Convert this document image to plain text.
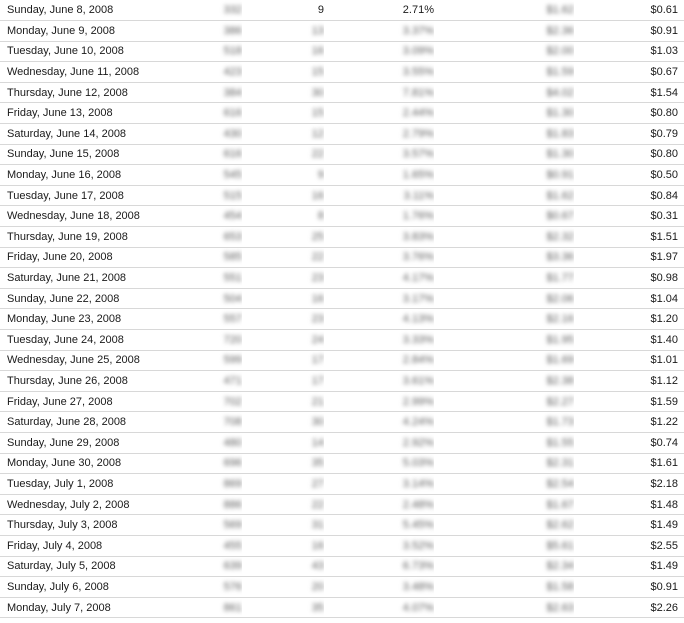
Sunday, June 8, 2008	332	9	2.71%	$1.62	$0.61
Monday, June 9, 2008	386	13	3.37%	$2.36	$0.91
Tuesday, June 10, 2008	518	16	3.09%	$2.00	$1.03
Wednesday, June 11, 2008	423	15	3.55%	$1.59	$0.67
Thursday, June 12, 2008	384	30	7.81%	$4.02	$1.54
Friday, June 13, 2008	616	15	2.44%	$1.30	$0.80
Saturday, June 14, 2008	430	12	2.79%	$1.83	$0.79
Sunday, June 15, 2008	616	22	3.57%	$1.30	$0.80
Monday, June 16, 2008	545	9	1.65%	$0.91	$0.50
Tuesday, June 17, 2008	515	16	3.11%	$1.62	$0.84
Wednesday, June 18, 2008	454	8	1.76%	$0.67	$0.31
Thursday, June 19, 2008	653	25	3.83%	$2.32	$1.51
Friday, June 20, 2008	585	22	3.76%	$3.36	$1.97
Saturday, June 21, 2008	551	23	4.17%	$1.77	$0.98
Sunday, June 22, 2008	504	16	3.17%	$2.06	$1.04
Monday, June 23, 2008	557	23	4.13%	$2.16	$1.20
Tuesday, June 24, 2008	720	24	3.33%	$1.95	$1.40
Wednesday, June 25, 2008	599	17	2.84%	$1.69	$1.01
Thursday, June 26, 2008	471	17	3.61%	$2.38	$1.12
Friday, June 27, 2008	702	21	2.99%	$2.27	$1.59
Saturday, June 28, 2008	708	30	4.24%	$1.73	$1.22
Sunday, June 29, 2008	480	14	2.92%	$1.55	$0.74
Monday, June 30, 2008	696	35	5.03%	$2.31	$1.61
Tuesday, July 1, 2008	869	27	3.14%	$2.54	$2.18
Wednesday, July 2, 2008	886	22	2.48%	$1.67	$1.48
Thursday, July 3, 2008	569	31	5.45%	$2.62	$1.49
Friday, July 4, 2008	455	16	3.52%	$5.61	$2.55
Saturday, July 5, 2008	639	43	6.73%	$2.34	$1.49
Sunday, July 6, 2008	576	20	3.48%	$1.58	$0.91
Monday, July 7, 2008	861	35	4.07%	$2.63	$2.26
